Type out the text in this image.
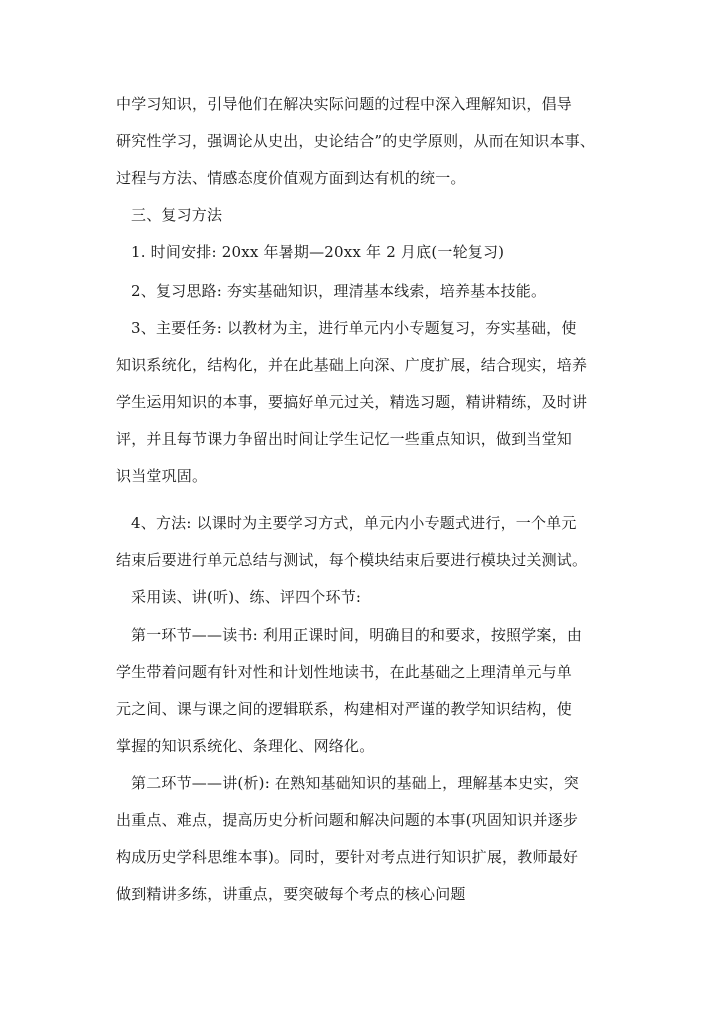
中学习知识，引导他们在解决实际问题的过程中深入理解知识，倡导
研究性学习，强调论从史出，史论结合”的史学原则，从而在知识本事、
过程与方法、情感态度价值观方面到达有机的统一。
三、复习方法
1. 时间安排: 20xx 年暑期—20xx 年 2 月底(一轮复习)
2、复习思路: 夯实基础知识，理清基本线索，培养基本技能。
3、主要任务: 以教材为主，进行单元内小专题复习，夯实基础，使
知识系统化，结构化，并在此基础上向深、广度扩展，结合现实，培养
学生运用知识的本事，要搞好单元过关，精选习题，精讲精练，及时讲
评，并且每节课力争留出时间让学生记忆一些重点知识，做到当堂知
识当堂巩固。
4、方法: 以课时为主要学习方式，单元内小专题式进行，一个单元
结束后要进行单元总结与测试，每个模块结束后要进行模块过关测试。
采用读、讲(听)、练、评四个环节:
第一环节——读书: 利用正课时间，明确目的和要求，按照学案，由
学生带着问题有针对性和计划性地读书，在此基础之上理清单元与单
元之间、课与课之间的逻辑联系，构建相对严谨的教学知识结构，使
掌握的知识系统化、条理化、网络化。
第二环节——讲(析): 在熟知基础知识的基础上，理解基本史实，突
出重点、难点，提高历史分析问题和解决问题的本事(巩固知识并逐步
构成历史学科思维本事)。同时，要针对考点进行知识扩展，教师最好
做到精讲多练，讲重点，要突破每个考点的核心问题
